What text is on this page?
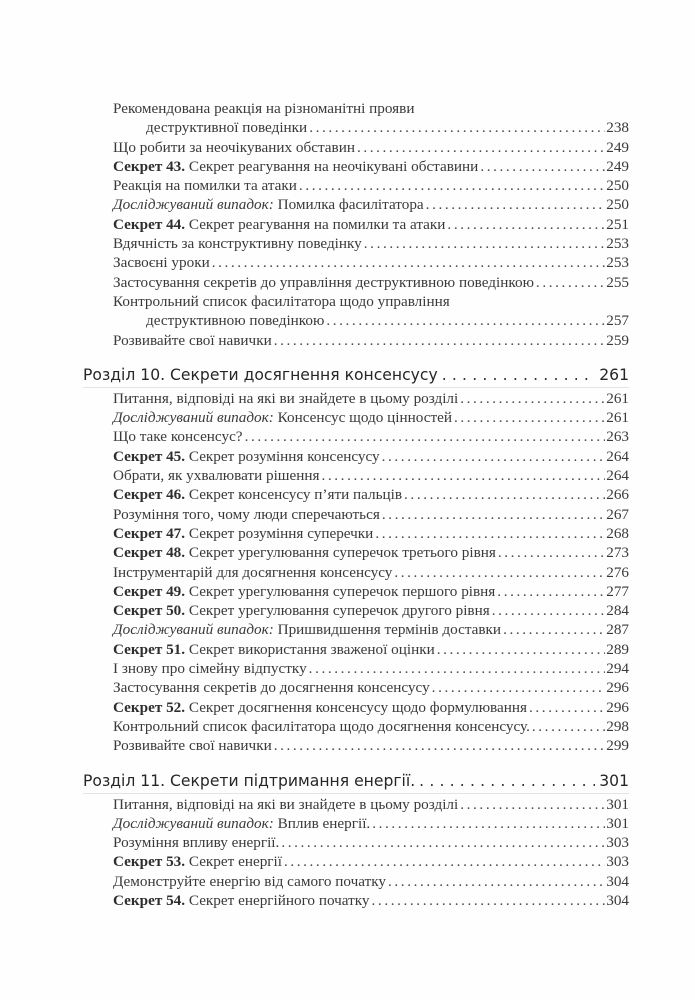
Рекомендована реакція на різноманітні прояви
деструктивної поведінки .....	238
Що робити за неочікуваних обставин .....	249
Секрет 43. Секрет реагування на неочікувані обставини .....	249
Реакція на помилки та атаки .....	250
Досліджуваний випадок: Помилка фасилітатора .....	250
Секрет 44. Секрет реагування на помилки та атаки .....	251
Вдячність за конструктивну поведінку .....	253
Засвоєні уроки .....	253
Застосування секретів до управління деструктивною поведінкою .....	255
Контрольний список фасилітатора щодо управління
деструктивною поведінкою .....	257
Розвивайте свої навички .....	259
Розділ 10. Секрети досягнення консенсусу .....	261
Питання, відповіді на які ви знайдете в цьому розділі .....	261
Досліджуваний випадок: Консенсус щодо цінностей .....	261
Що таке консенсус? .....	263
Секрет 45. Секрет розуміння консенсусу .....	264
Обрати, як ухвалювати рішення .....	264
Секрет 46. Секрет консенсусу п’яти пальців .....	266
Розуміння того, чому люди сперечаються .....	267
Секрет 47. Секрет розуміння суперечки .....	268
Секрет 48. Секрет урегулювання суперечок третього рівня .....	273
Інструментарій для досягнення консенсусу .....	276
Секрет 49. Секрет урегулювання суперечок першого рівня .....	277
Секрет 50. Секрет урегулювання суперечок другого рівня .....	284
Досліджуваний випадок: Пришвидшення термінів доставки .....	287
Секрет 51. Секрет використання зваженої оцінки .....	289
І знову про сімейну відпустку .....	294
Застосування секретів до досягнення консенсусу .....	296
Секрет 52. Секрет досягнення консенсусу щодо формулювання .....	296
Контрольний список фасилітатора щодо досягнення консенсусу. .....	298
Розвивайте свої навички .....	299
Розділ 11. Секрети підтримання енергії. .....	301
Питання, відповіді на які ви знайдете в цьому розділі .....	301
Досліджуваний випадок: Вплив енергії. .....	301
Розуміння впливу енергії. .....	303
Секрет 53. Секрет енергії .....	303
Демонструйте енергію від самого початку .....	304
Секрет 54. Секрет енергійного початку .....	304
